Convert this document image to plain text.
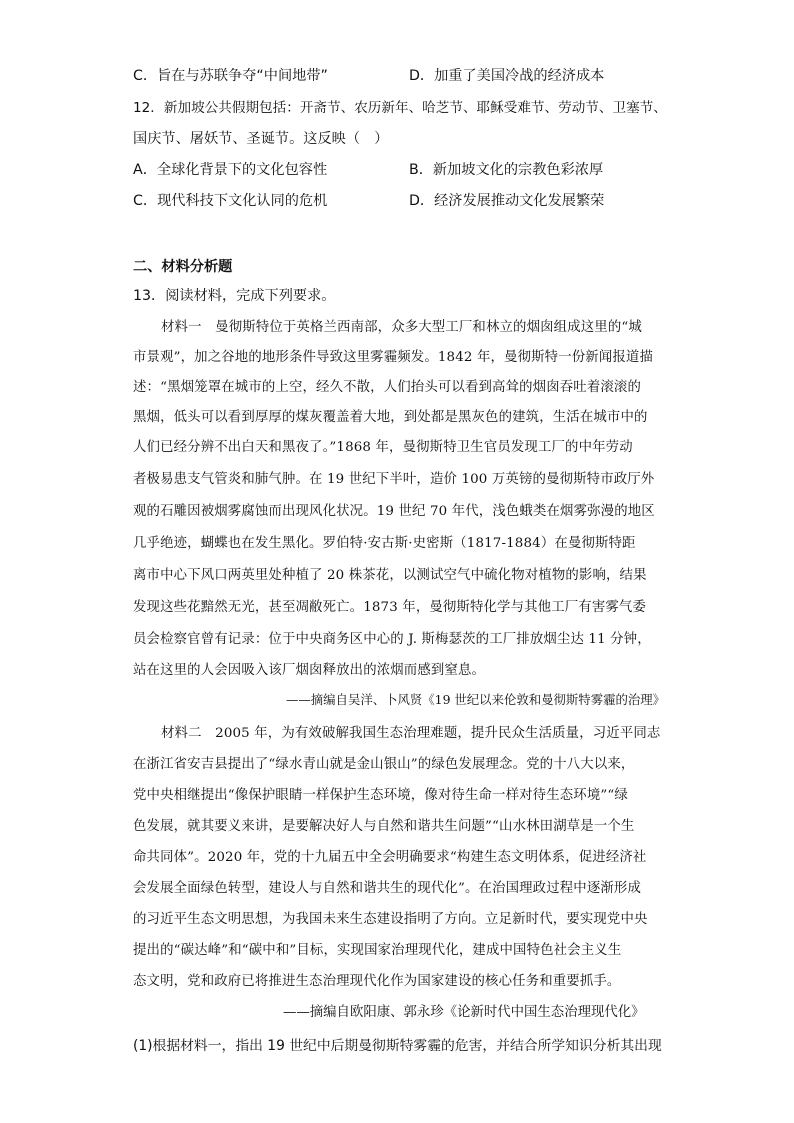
C．旨在与苏联争夺“中间地带”	D．加重了美国冷战的经济成本
12．新加坡公共假期包括：开斋节、农历新年、哈芝节、耶稣受难节、劳动节、卫塞节、
国庆节、屠妖节、圣诞节。这反映（　）
A．全球化背景下的文化包容性	B．新加坡文化的宗教色彩浓厚
C．现代科技下文化认同的危机	D．经济发展推动文化发展繁荣
二、材料分析题
13．阅读材料，完成下列要求。
材料一　曼彻斯特位于英格兰西南部，众多大型工厂和林立的烟囱组成这里的“城
市景观”，加之谷地的地形条件导致这里雾霾频发。1842 年，曼彻斯特一份新闻报道描
述：“黑烟笼罩在城市的上空，经久不散，人们抬头可以看到高耸的烟囱吞吐着滚滚的
黑烟，低头可以看到厚厚的煤灰覆盖着大地，到处都是黑灰色的建筑，生活在城市中的
人们已经分辨不出白天和黑夜了。”1868 年，曼彻斯特卫生官员发现工厂的中年劳动
者极易患支气管炎和肺气肿。在 19 世纪下半叶，造价 100 万英镑的曼彻斯特市政厅外
观的石雕因被烟雾腐蚀而出现风化状况。19 世纪 70 年代，浅色蛾类在烟雾弥漫的地区
几乎绝迹，蝴蝶也在发生黑化。罗伯特·安古斯·史密斯（1817-1884）在曼彻斯特距
离市中心下风口两英里处种植了 20 株茶花，以测试空气中硫化物对植物的影响，结果
发现这些花黯然无光，甚至凋敝死亡。1873 年，曼彻斯特化学与其他工厂有害雾气委
员会检察官曾有记录：位于中央商务区中心的 J. 斯梅瑟茨的工厂排放烟尘达 11 分钟，
站在这里的人会因吸入该厂烟囱释放出的浓烟而感到窒息。
——摘编自吴洋、卜风贤《19 世纪以来伦敦和曼彻斯特雾霾的治理》
材料二　2005 年，为有效破解我国生态治理难题，提升民众生活质量，习近平同志
在浙江省安吉县提出了“绿水青山就是金山银山”的绿色发展理念。党的十八大以来，
党中央相继提出“像保护眼睛一样保护生态环境，像对待生命一样对待生态环境”“绿
色发展，就其要义来讲，是要解决好人与自然和谐共生问题”“山水林田湖草是一个生
命共同体”。2020 年，党的十九届五中全会明确要求“构建生态文明体系，促进经济社
会发展全面绿色转型，建设人与自然和谐共生的现代化”。在治国理政过程中逐渐形成
的习近平生态文明思想，为我国未来生态建设指明了方向。立足新时代，要实现党中央
提出的“碳达峰”和“碳中和”目标，实现国家治理现代化，建成中国特色社会主义生
态文明，党和政府已将推进生态治理现代化作为国家建设的核心任务和重要抓手。
——摘编自欧阳康、郭永珍《论新时代中国生态治理现代化》
(1)根据材料一，指出 19 世纪中后期曼彻斯特雾霾的危害，并结合所学知识分析其出现
